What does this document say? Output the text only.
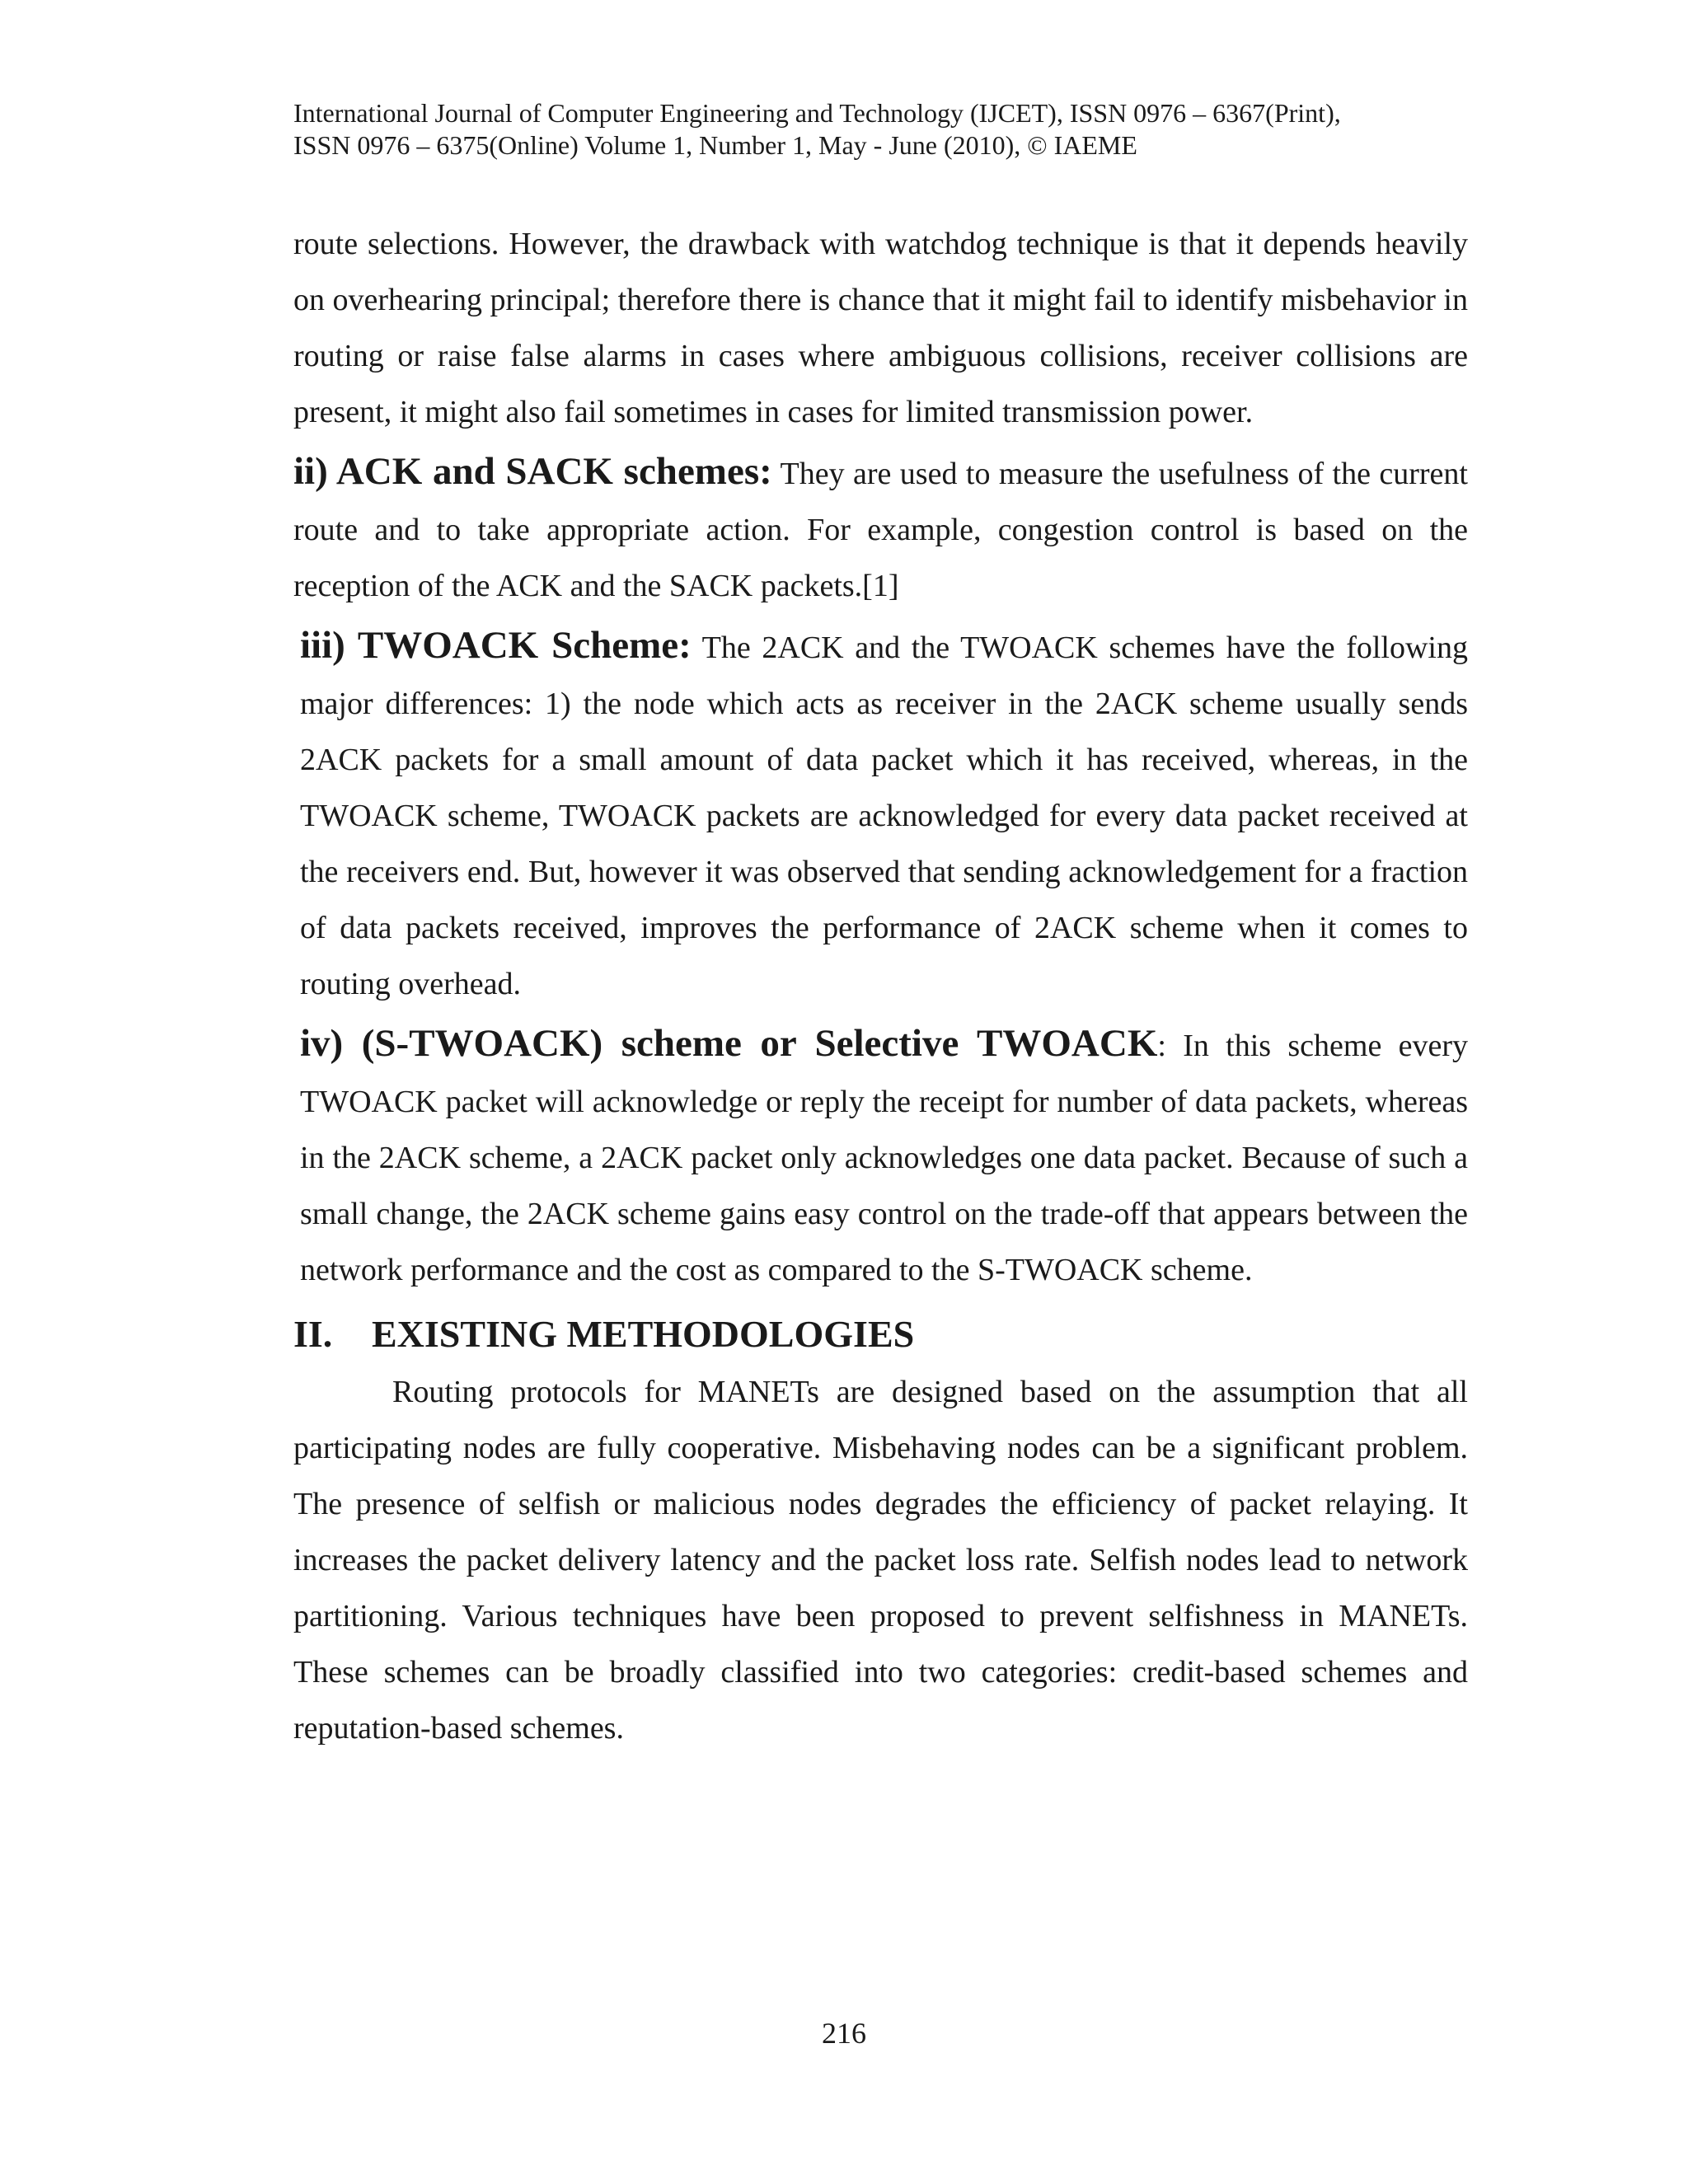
International Journal of Computer Engineering and Technology (IJCET), ISSN 0976 – 6367(Print),
ISSN 0976 – 6375(Online) Volume 1, Number 1, May - June (2010), © IAEME

route selections. However, the drawback with watchdog technique is that it depends heavily on overhearing principal; therefore there is chance that it might fail to identify misbehavior in routing or raise false alarms in cases where ambiguous collisions, receiver collisions are present, it might also fail sometimes in cases for limited transmission power.

ii) ACK and SACK schemes: They are used to measure the usefulness of the current route and to take appropriate action. For example, congestion control is based on the reception of the ACK and the SACK packets.[1]

iii) TWOACK Scheme: The 2ACK and the TWOACK schemes have the following major differences: 1) the node which acts as receiver in the 2ACK scheme usually sends 2ACK packets for a small amount of data packet which it has received, whereas, in the TWOACK scheme, TWOACK packets are acknowledged for every data packet received at the receivers end. But, however it was observed that sending acknowledgement for a fraction of data packets received, improves the performance of 2ACK scheme when it comes to routing overhead.

iv) (S-TWOACK) scheme or Selective TWOACK: In this scheme every TWOACK packet will acknowledge or reply the receipt for number of data packets, whereas in the 2ACK scheme, a 2ACK packet only acknowledges one data packet. Because of such a small change, the 2ACK scheme gains easy control on the trade-off that appears between the network performance and the cost as compared to the S-TWOACK scheme.

II. EXISTING METHODOLOGIES

Routing protocols for MANETs are designed based on the assumption that all participating nodes are fully cooperative. Misbehaving nodes can be a significant problem. The presence of selfish or malicious nodes degrades the efficiency of packet relaying. It increases the packet delivery latency and the packet loss rate. Selfish nodes lead to network partitioning. Various techniques have been proposed to prevent selfishness in MANETs. These schemes can be broadly classified into two categories: credit-based schemes and reputation-based schemes.

216
